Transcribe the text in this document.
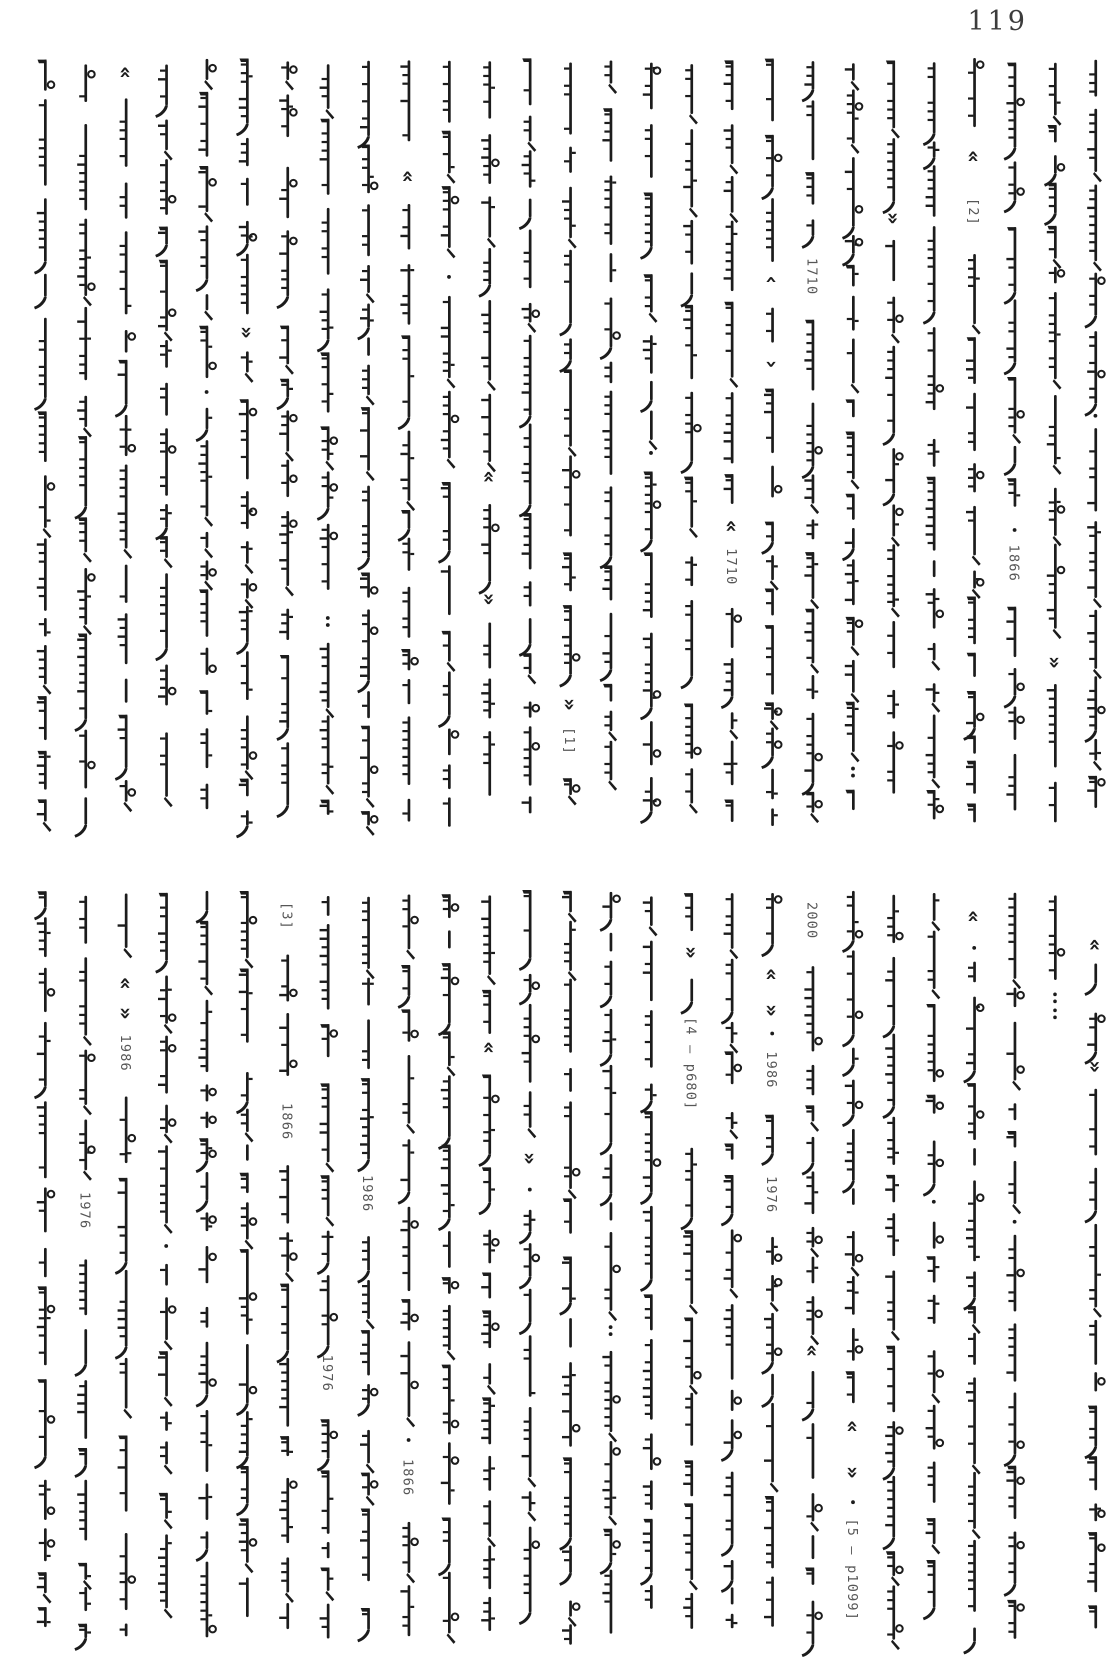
119
«
»
«
«
»
»
[1]
«
1710
‹
›
1710
»
«
[2]
1866
»
1976
«
»
1986
[3]
1866
1976
1986
1866
«
»
»
[4 — p680]
«
»
1986
1976
2000
«
«
»
[5 — p1099]
«
«
»
